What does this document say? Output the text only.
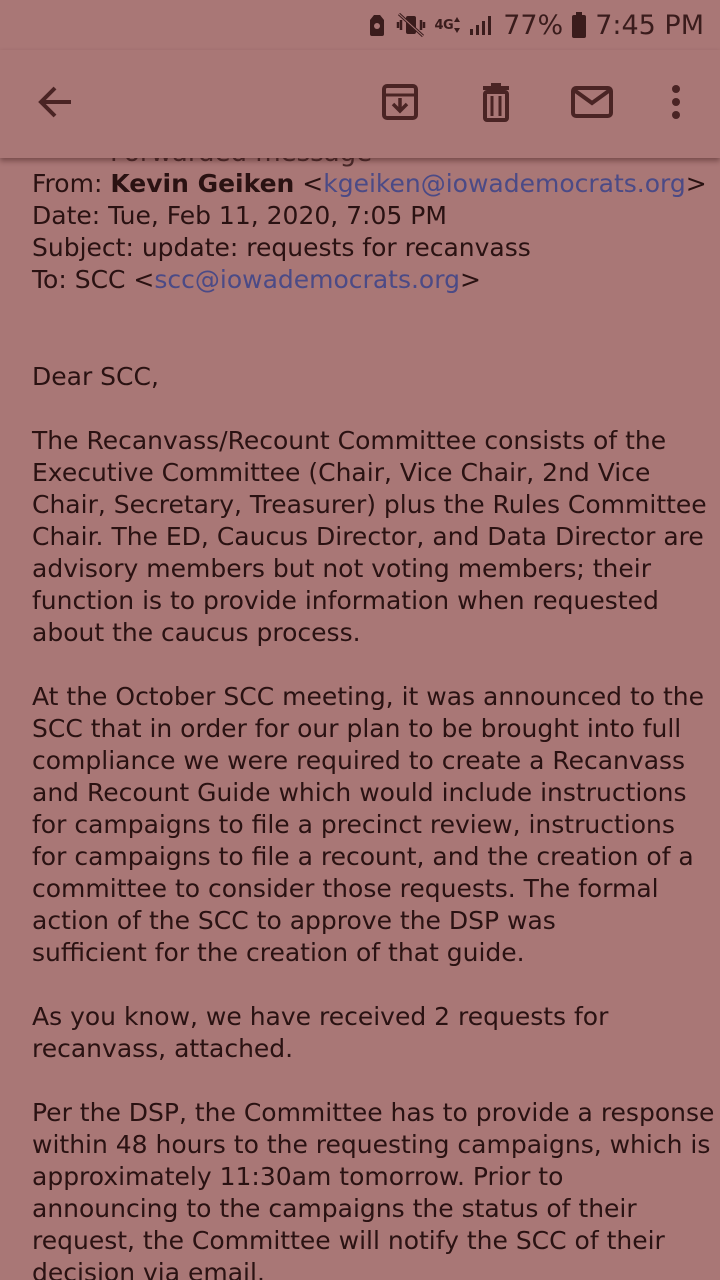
4G 77% 7:45 PM
From: Kevin Geiken <kgeiken@iowademocrats.org>
Date: Tue, Feb 11, 2020, 7:05 PM
Subject: update: requests for recanvass
To: SCC <scc@iowademocrats.org>

Dear SCC,

The Recanvass/Recount Committee consists of the
Executive Committee (Chair, Vice Chair, 2nd Vice
Chair, Secretary, Treasurer) plus the Rules Committee
Chair. The ED, Caucus Director, and Data Director are
advisory members but not voting members; their
function is to provide information when requested
about the caucus process.

At the October SCC meeting, it was announced to the
SCC that in order for our plan to be brought into full
compliance we were required to create a Recanvass
and Recount Guide which would include instructions
for campaigns to file a precinct review, instructions
for campaigns to file a recount, and the creation of a
committee to consider those requests. The formal
action of the SCC to approve the DSP was
sufficient for the creation of that guide.

As you know, we have received 2 requests for
recanvass, attached.

Per the DSP, the Committee has to provide a response
within 48 hours to the requesting campaigns, which is
approximately 11:30am tomorrow. Prior to
announcing to the campaigns the status of their
request, the Committee will notify the SCC of their
decision via email.
